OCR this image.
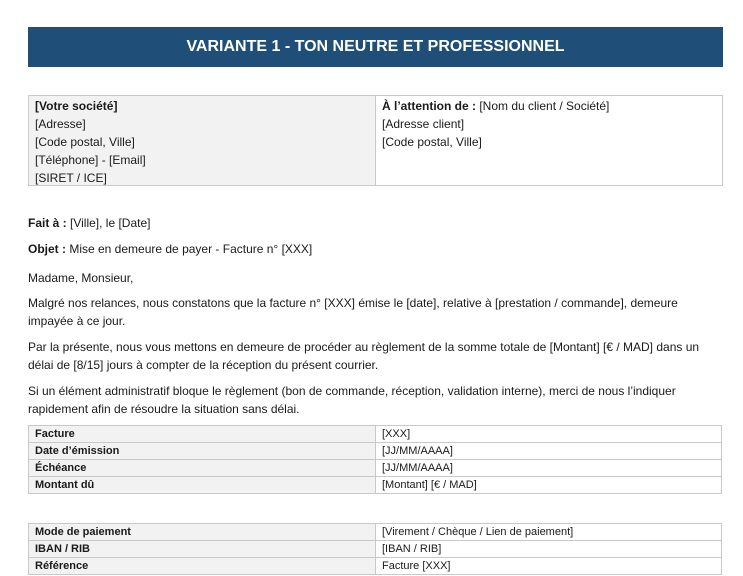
VARIANTE 1 - TON NEUTRE ET PROFESSIONNEL
[Votre société]
[Adresse]
[Code postal, Ville]
[Téléphone] - [Email]
[SIRET / ICE]
À l’attention de : [Nom du client / Société]
[Adresse client]
[Code postal, Ville]
Fait à : [Ville], le [Date]
Objet : Mise en demeure de payer - Facture n° [XXX]
Madame, Monsieur,
Malgré nos relances, nous constatons que la facture n° [XXX] émise le [date], relative à [prestation / commande], demeure impayée à ce jour.
Par la présente, nous vous mettons en demeure de procéder au règlement de la somme totale de [Montant] [€ / MAD] dans un délai de [8/15] jours à compter de la réception du présent courrier.
Si un élément administratif bloque le règlement (bon de commande, réception, validation interne), merci de nous l’indiquer rapidement afin de résoudre la situation sans délai.
Facture	[XXX]
Date d’émission	[JJ/MM/AAAA]
Échéance	[JJ/MM/AAAA]
Montant dû	[Montant] [€ / MAD]
Mode de paiement	[Virement / Chèque / Lien de paiement]
IBAN / RIB	[IBAN / RIB]
Référence	Facture [XXX]
